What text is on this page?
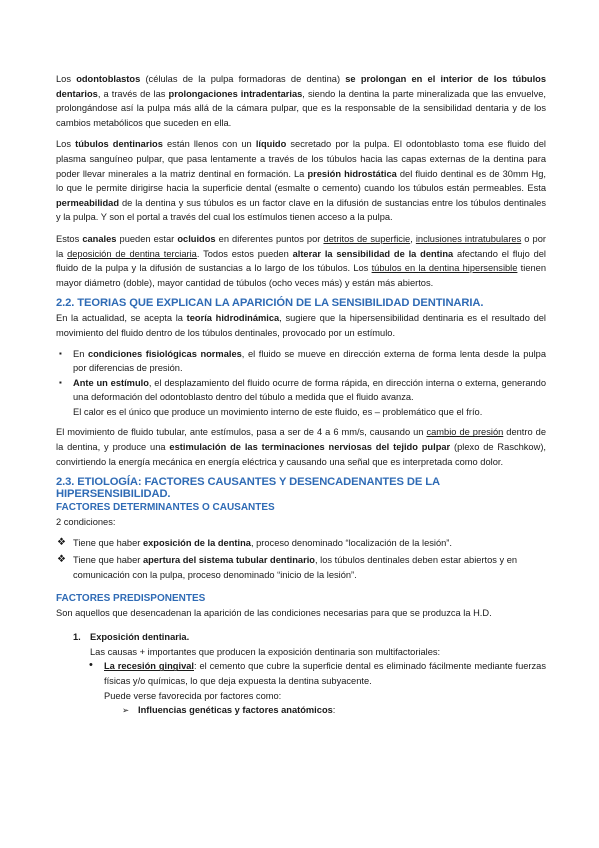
Los odontoblastos (células de la pulpa formadoras de dentina) se prolongan en el interior de los túbulos dentarios, a través de las prolongaciones intradentarias, siendo la dentina la parte mineralizada que las envuelve, prolongándose así la pulpa más allá de la cámara pulpar, que es la responsable de la sensibilidad dentaria y de los cambios metabólicos que suceden en ella.

Los túbulos dentinarios están llenos con un líquido secretado por la pulpa. El odontoblasto toma ese fluido del plasma sanguíneo pulpar, que pasa lentamente a través de los túbulos hacia las capas externas de la dentina para poder llevar minerales a la matriz dentinal en formación. La presión hidrostática del fluido dentinal es de 30mm Hg, lo que le permite dirigirse hacia la superficie dental (esmalte o cemento) cuando los túbulos están permeables. Esta permeabilidad de la dentina y sus túbulos es un factor clave en la difusión de sustancias entre los túbulos dentinales y la pulpa. Y son el portal a través del cual los estímulos tienen acceso a la pulpa.

Estos canales pueden estar ocluidos en diferentes puntos por detritos de superficie, inclusiones intratubulares o por la deposición de dentina terciaria. Todos estos pueden alterar la sensibilidad de la dentina afectando el flujo del fluido de la pulpa y la difusión de sustancias a lo largo de los túbulos. Los túbulos en la dentina hipersensible tienen mayor diámetro (doble), mayor cantidad de túbulos (ocho veces más) y están más abiertos.

2.2. TEORIAS QUE EXPLICAN LA APARICIÓN DE LA SENSIBILIDAD DENTINARIA.

En la actualidad, se acepta la teoría hidrodinámica, sugiere que la hipersensibilidad dentinaria es el resultado del movimiento del fluido dentro de los túbulos dentinales, provocado por un estímulo.

▪ En condiciones fisiológicas normales, el fluido se mueve en dirección externa de forma lenta desde la pulpa por diferencias de presión.
▪ Ante un estímulo, el desplazamiento del fluido ocurre de forma rápida, en dirección interna o externa, generando una deformación del odontoblasto dentro del túbulo a medida que el fluido avanza.
El calor es el único que produce un movimiento interno de este fluido, es – problemático que el frío.

El movimiento de fluido tubular, ante estímulos, pasa a ser de 4 a 6 mm/s, causando un cambio de presión dentro de la dentina, y produce una estimulación de las terminaciones nerviosas del tejido pulpar (plexo de Raschkow), convirtiendo la energía mecánica en energía eléctrica y causando una señal que es interpretada como dolor.

2.3. ETIOLOGÍA: FACTORES CAUSANTES Y DESENCADENANTES DE LA HIPERSENSIBILIDAD.
FACTORES DETERMINANTES O CAUSANTES

2 condiciones:

❖ Tiene que haber exposición de la dentina, proceso denominado “localización de la lesión”.
❖ Tiene que haber apertura del sistema tubular dentinario, los túbulos dentinales deben estar abiertos y en comunicación con la pulpa, proceso denominado “inicio de la lesión”.
FACTORES PREDISPONENTES

Son aquellos que desencadenan la aparición de las condiciones necesarias para que se produzca la H.D.

1. Exposición dentinaria.

Las causas + importantes que producen la exposición dentinaria son multifactoriales:

• La recesión gingival: el cemento que cubre la superficie dental es eliminado fácilmente mediante fuerzas físicas y/o químicas, lo que deja expuesta la dentina subyacente.

Puede verse favorecida por factores como:

➢ Influencias genéticas y factores anatómicos:
